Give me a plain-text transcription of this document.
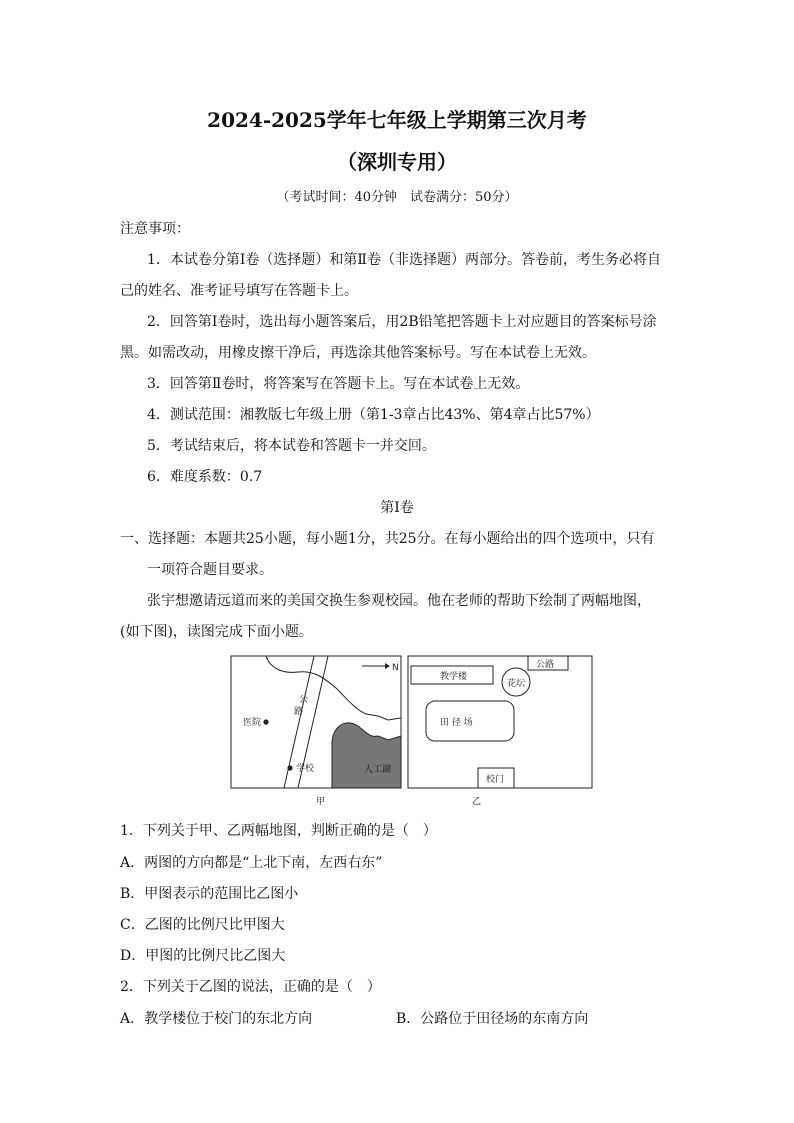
2024-2025学年七年级上学期第三次月考
（深圳专用）
（考试时间：40分钟　试卷满分：50分）
注意事项：
1．本试卷分第Ⅰ卷（选择题）和第Ⅱ卷（非选择题）两部分。答卷前，考生务必将自
己的姓名、准考证号填写在答题卡上。
2．回答第Ⅰ卷时，选出每小题答案后，用2B铅笔把答题卡上对应题目的答案标号涂
黑。如需改动，用橡皮擦干净后，再选涂其他答案标号。写在本试卷上无效。
3．回答第Ⅱ卷时，将答案写在答题卡上。写在本试卷上无效。
4．测试范围：湘教版七年级上册（第1-3章占比43%、第4章占比57%）
5．考试结束后，将本试卷和答题卡一并交回。
6．难度系数：0.7
第Ⅰ卷
一、选择题：本题共25小题，每小题1分，共25分。在每小题给出的四个选项中，只有
一项符合题目要求。
张宇想邀请远道而来的美国交换生参观校园。他在老师的帮助下绘制了两幅地图，
(如下图)，读图完成下面小题。
N
公
路
医院
学校	人工湖
甲
教学楼
公路
花坛
田 径 场
校门
乙
1．下列关于甲、乙两幅地图，判断正确的是（　）
A．两图的方向都是“上北下南，左西右东”
B．甲图表示的范围比乙图小
C．乙图的比例尺比甲图大
D．甲图的比例尺比乙图大
2．下列关于乙图的说法，正确的是（　）
A．教学楼位于校门的东北方向	B．公路位于田径场的东南方向
